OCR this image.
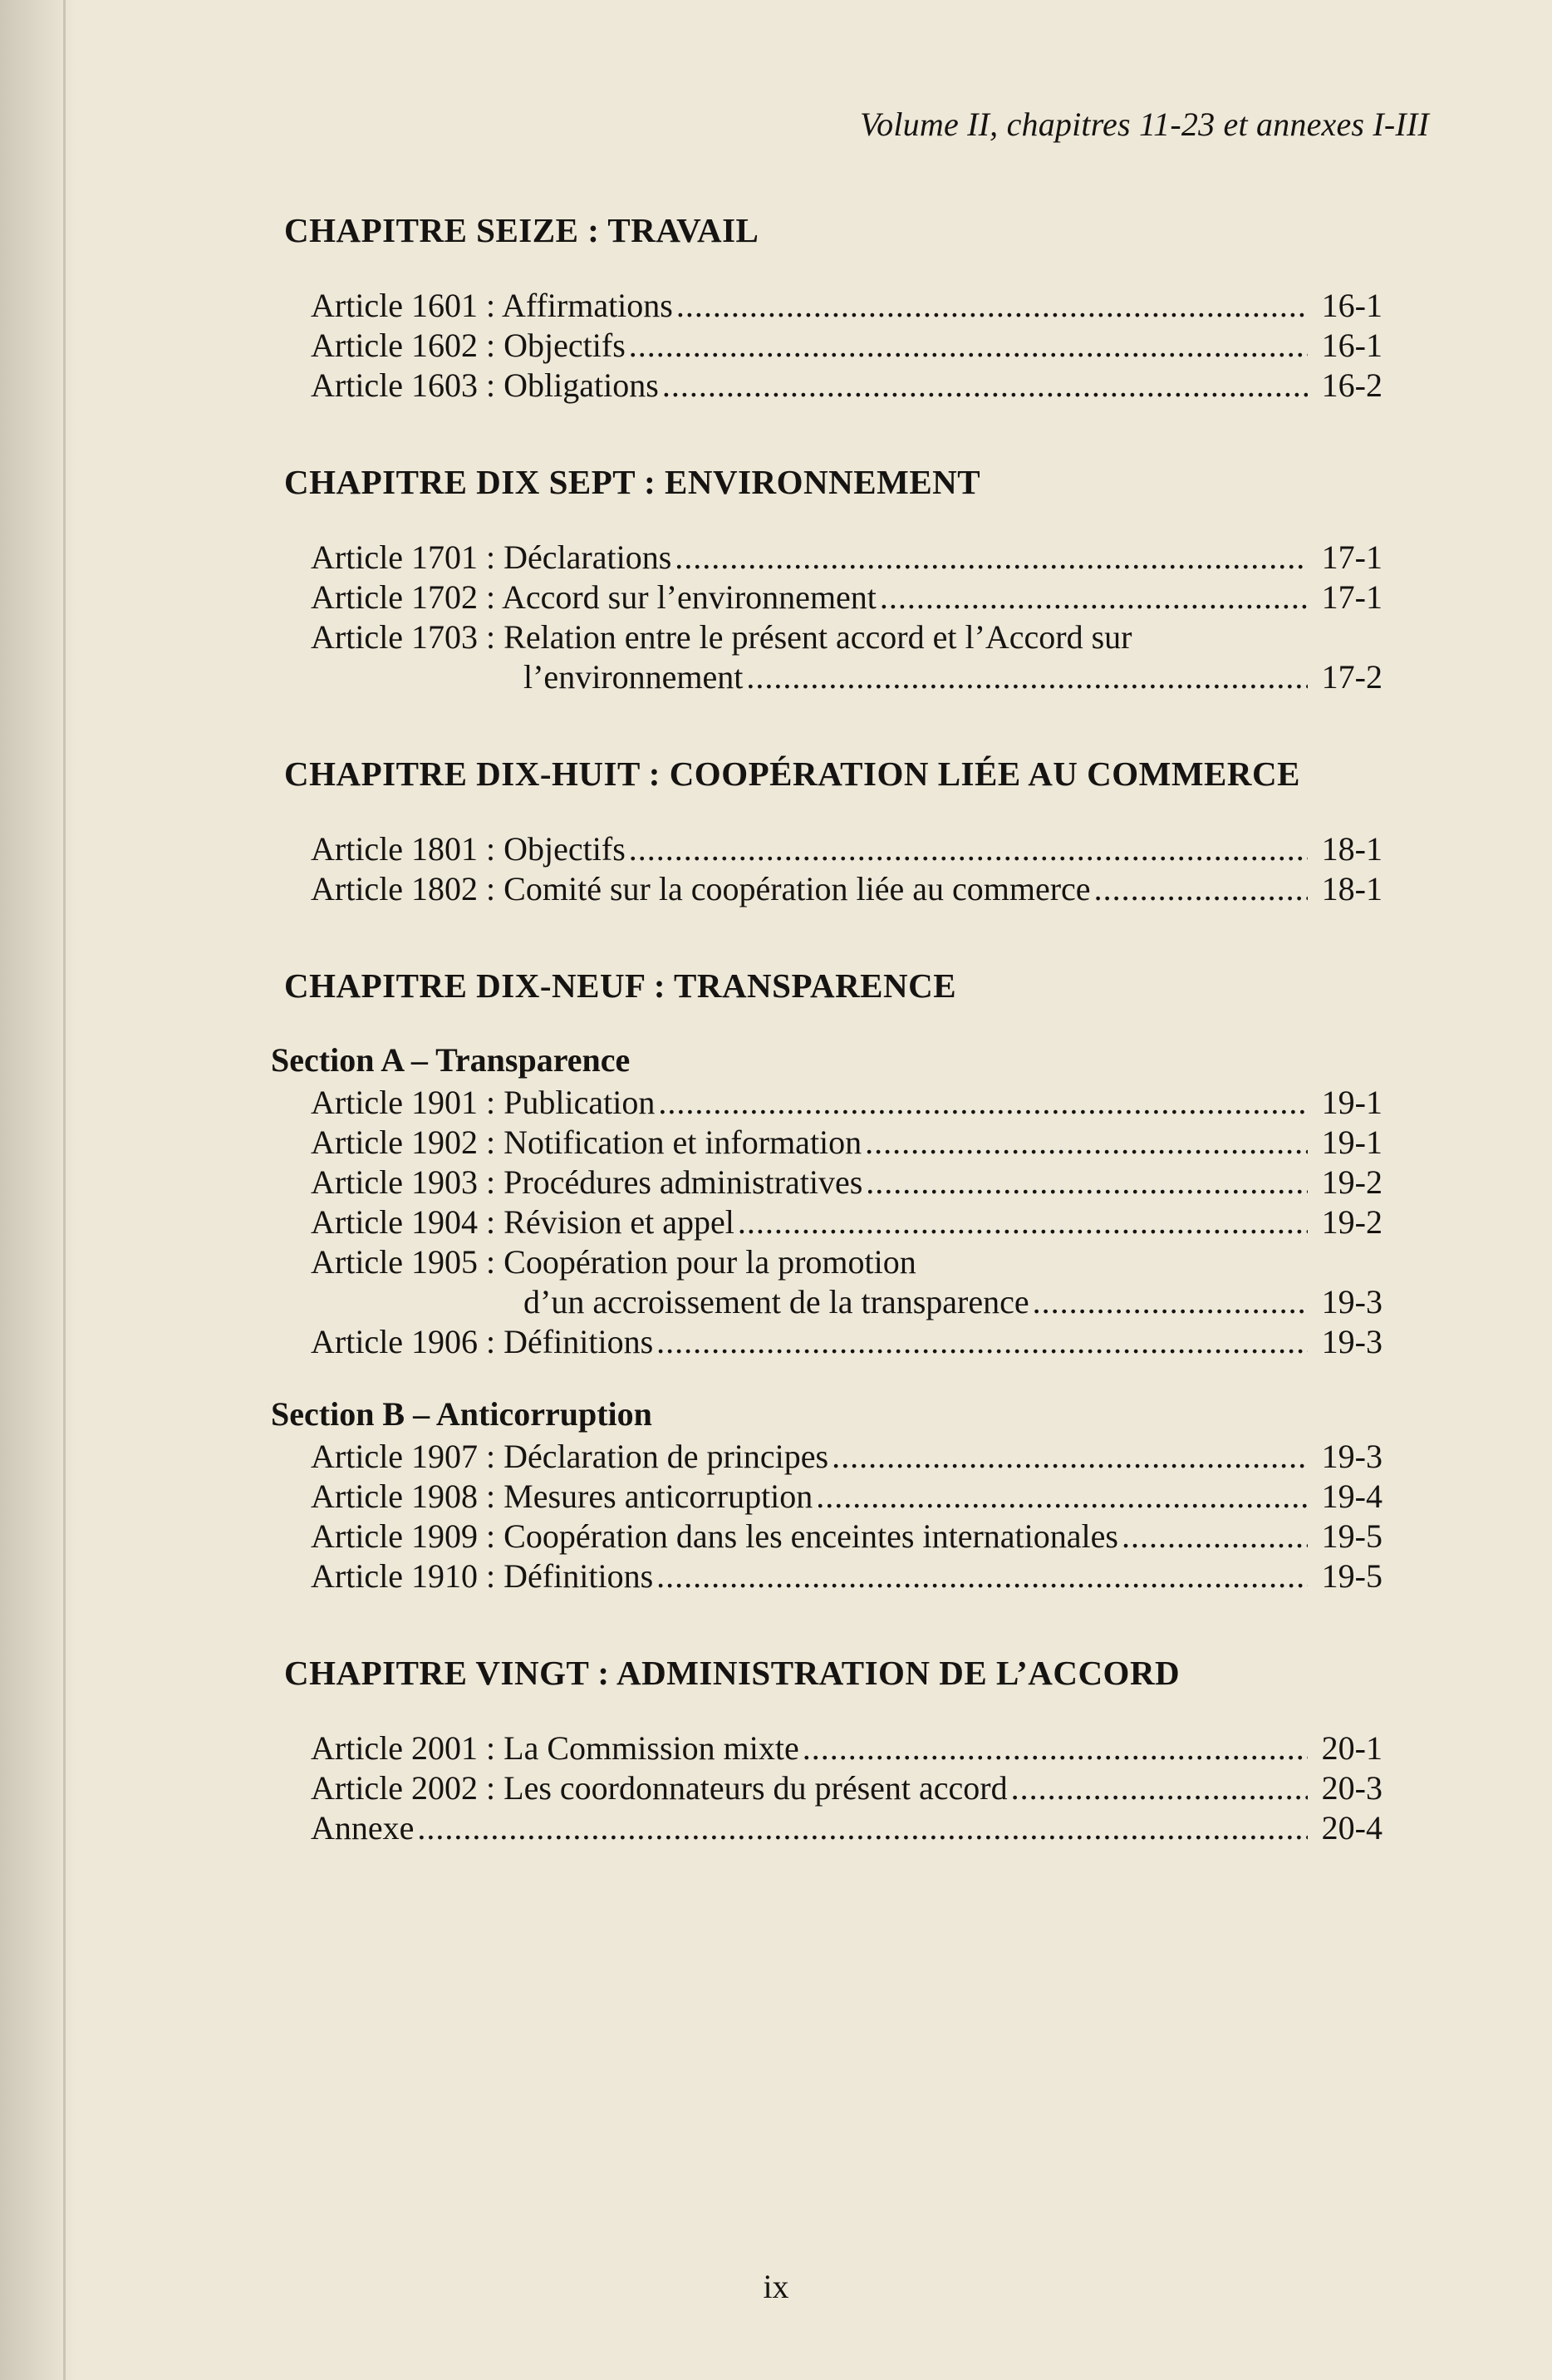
Volume II, chapitres 11-23 et annexes I-III
CHAPITRE SEIZE : TRAVAIL
Article 1601 : Affirmations .....	16-1
Article 1602 : Objectifs .....	16-1
Article 1603 : Obligations .....	16-2
CHAPITRE DIX SEPT : ENVIRONNEMENT
Article 1701 : Déclarations .....	17-1
Article 1702 : Accord sur l’environnement .....	17-1
Article 1703 : Relation entre le présent accord et l’Accord sur
l’environnement .....	17-2
CHAPITRE DIX-HUIT : COOPÉRATION LIÉE AU COMMERCE
Article 1801 : Objectifs .....	18-1
Article 1802 : Comité sur la coopération liée au commerce .....	18-1
CHAPITRE DIX-NEUF : TRANSPARENCE
Section A – Transparence
Article 1901 : Publication .....	19-1
Article 1902 : Notification et information .....	19-1
Article 1903 : Procédures administratives .....	19-2
Article 1904 : Révision et appel .....	19-2
Article 1905 : Coopération pour la promotion
d’un accroissement de la transparence .....	19-3
Article 1906 : Définitions .....	19-3
Section B – Anticorruption
Article 1907 : Déclaration de principes .....	19-3
Article 1908 : Mesures anticorruption .....	19-4
Article 1909 : Coopération dans les enceintes internationales .....	19-5
Article 1910 : Définitions .....	19-5
CHAPITRE VINGT : ADMINISTRATION DE L’ACCORD
Article 2001 : La Commission mixte .....	20-1
Article 2002 : Les coordonnateurs du présent accord .....	20-3
Annexe .....	20-4
ix
